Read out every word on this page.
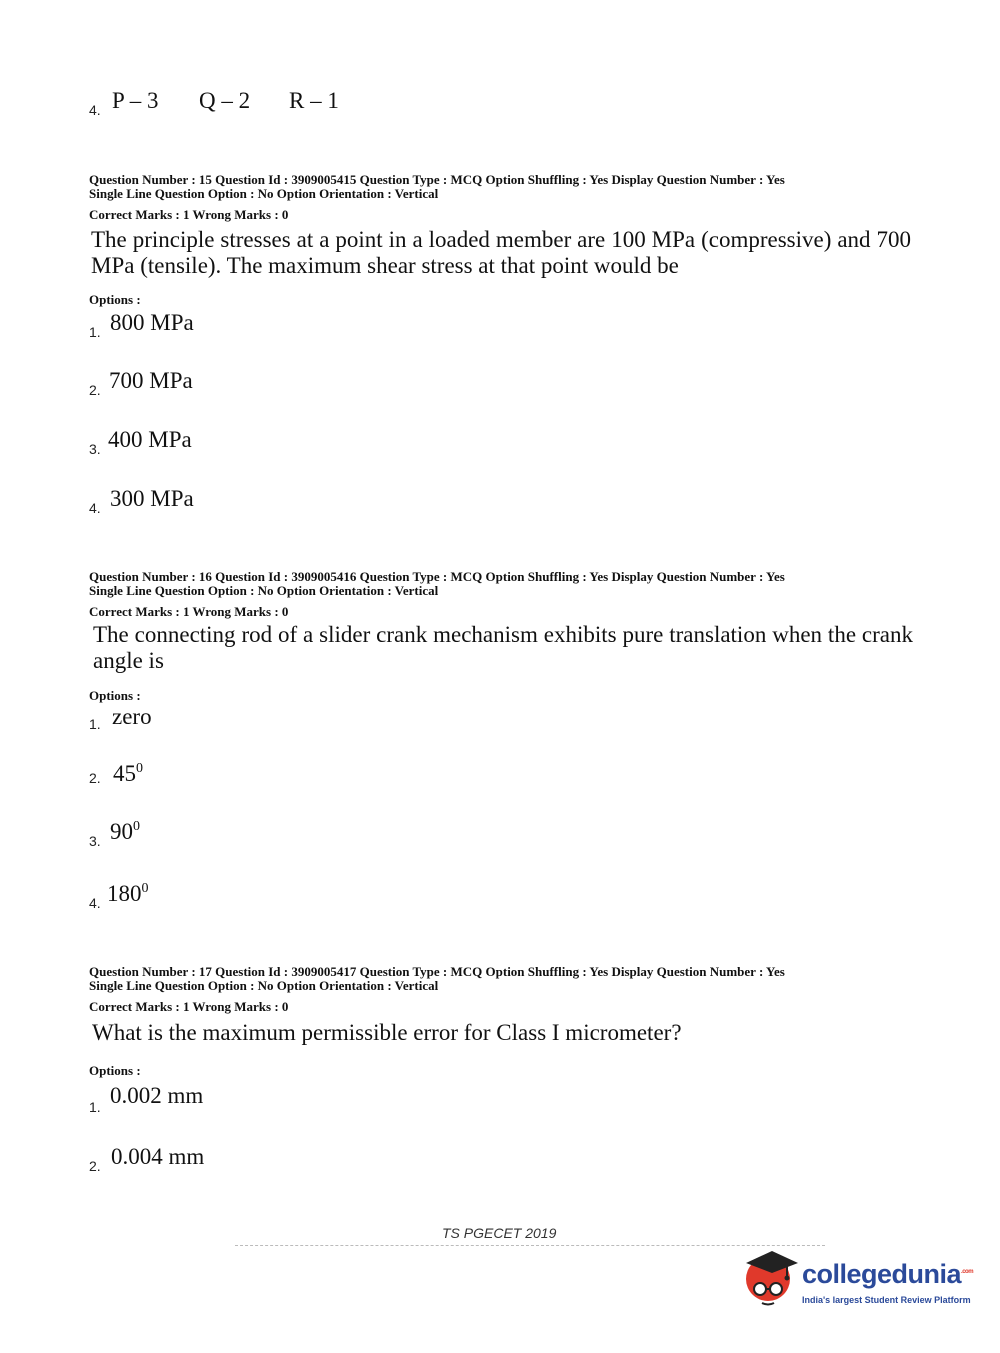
4. P – 3 Q – 2 R – 1
Question Number : 15 Question Id : 3909005415 Question Type : MCQ Option Shuffling : Yes Display Question Number : Yes
Single Line Question Option : No Option Orientation : Vertical
Correct Marks : 1 Wrong Marks : 0
The principle stresses at a point in a loaded member are 100 MPa (compressive) and 700 MPa (tensile). The maximum shear stress at that point would be
Options :
1. 800 MPa
2. 700 MPa
3. 400 MPa
4. 300 MPa
Question Number : 16 Question Id : 3909005416 Question Type : MCQ Option Shuffling : Yes Display Question Number : Yes
Single Line Question Option : No Option Orientation : Vertical
Correct Marks : 1 Wrong Marks : 0
The connecting rod of a slider crank mechanism exhibits pure translation when the crank angle is
Options :
1. zero
2. $45^0$
3. $90^0$
4. $180^0$
Question Number : 17 Question Id : 3909005417 Question Type : MCQ Option Shuffling : Yes Display Question Number : Yes
Single Line Question Option : No Option Orientation : Vertical
Correct Marks : 1 Wrong Marks : 0
What is the maximum permissible error for Class I micrometer?
Options :
1. 0.002 mm
2. 0.004 mm
TS PGECET 2019
collegedunia$^{.com}$
India's largest Student Review Platform
